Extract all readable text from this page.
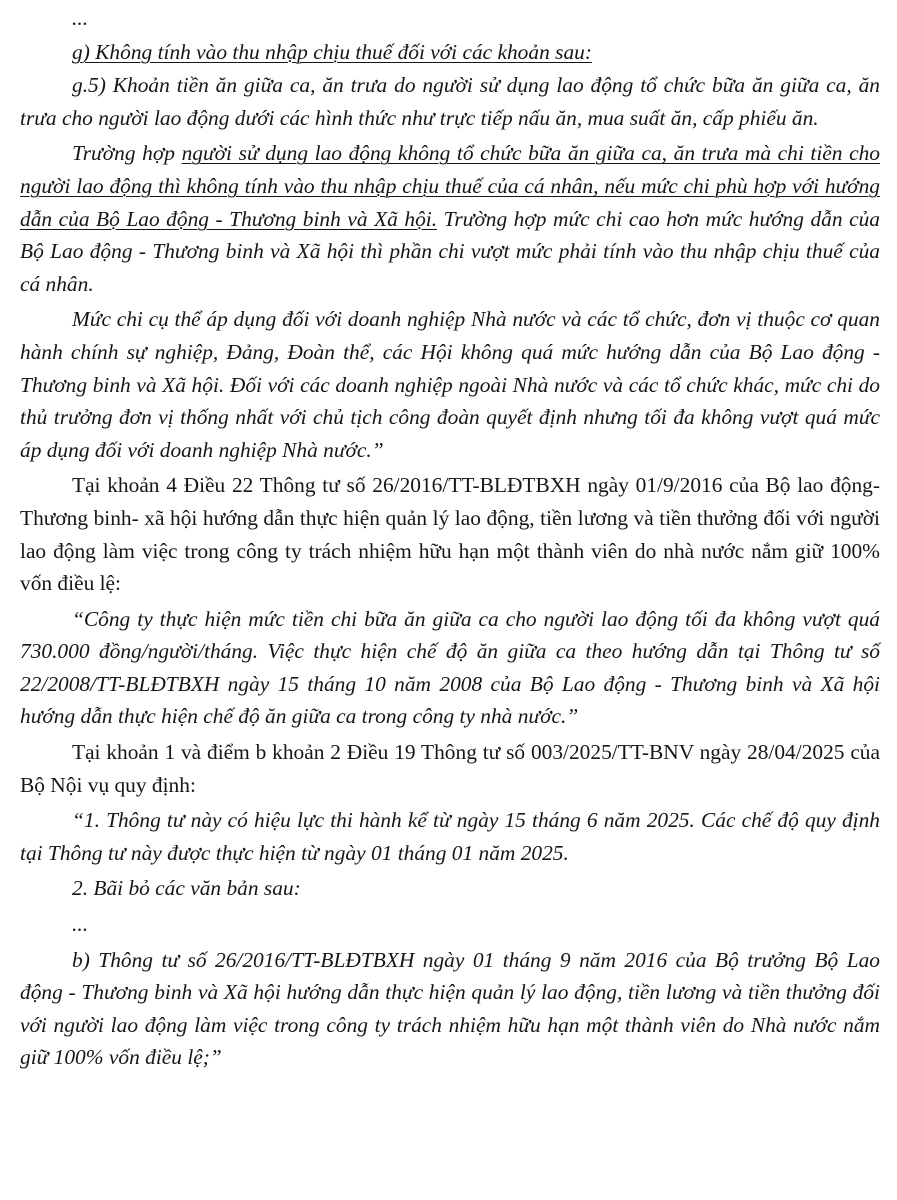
...

g) Không tính vào thu nhập chịu thuế đối với các khoản sau:

g.5) Khoản tiền ăn giữa ca, ăn trưa do người sử dụng lao động tổ chức bữa ăn giữa ca, ăn trưa cho người lao động dưới các hình thức như trực tiếp nấu ăn, mua suất ăn, cấp phiếu ăn.

Trường hợp người sử dụng lao động không tổ chức bữa ăn giữa ca, ăn trưa mà chi tiền cho người lao động thì không tính vào thu nhập chịu thuế của cá nhân, nếu mức chi phù hợp với hướng dẫn của Bộ Lao động - Thương binh và Xã hội. Trường hợp mức chi cao hơn mức hướng dẫn của Bộ Lao động - Thương binh và Xã hội thì phần chi vượt mức phải tính vào thu nhập chịu thuế của cá nhân.

Mức chi cụ thể áp dụng đối với doanh nghiệp Nhà nước và các tổ chức, đơn vị thuộc cơ quan hành chính sự nghiệp, Đảng, Đoàn thể, các Hội không quá mức hướng dẫn của Bộ Lao động - Thương binh và Xã hội. Đối với các doanh nghiệp ngoài Nhà nước và các tổ chức khác, mức chi do thủ trưởng đơn vị thống nhất với chủ tịch công đoàn quyết định nhưng tối đa không vượt quá mức áp dụng đối với doanh nghiệp Nhà nước.”

Tại khoản 4 Điều 22 Thông tư số 26/2016/TT-BLĐTBXH ngày 01/9/2016 của Bộ lao động- Thương binh- xã hội hướng dẫn thực hiện quản lý lao động, tiền lương và tiền thưởng đối với người lao động làm việc trong công ty trách nhiệm hữu hạn một thành viên do nhà nước nắm giữ 100% vốn điều lệ:

“Công ty thực hiện mức tiền chi bữa ăn giữa ca cho người lao động tối đa không vượt quá 730.000 đồng/người/tháng. Việc thực hiện chế độ ăn giữa ca theo hướng dẫn tại Thông tư số 22/2008/TT-BLĐTBXH ngày 15 tháng 10 năm 2008 của Bộ Lao động - Thương binh và Xã hội hướng dẫn thực hiện chế độ ăn giữa ca trong công ty nhà nước.”

Tại khoản 1 và điểm b khoản 2 Điều 19 Thông tư số 003/2025/TT-BNV ngày 28/04/2025 của Bộ Nội vụ quy định:

“1. Thông tư này có hiệu lực thi hành kể từ ngày 15 tháng 6 năm 2025. Các chế độ quy định tại Thông tư này được thực hiện từ ngày 01 tháng 01 năm 2025.

2. Bãi bỏ các văn bản sau:

...

b) Thông tư số 26/2016/TT-BLĐTBXH ngày 01 tháng 9 năm 2016 của Bộ trưởng Bộ Lao động - Thương binh và Xã hội hướng dẫn thực hiện quản lý lao động, tiền lương và tiền thưởng đối với người lao động làm việc trong công ty trách nhiệm hữu hạn một thành viên do Nhà nước nắm giữ 100% vốn điều lệ;”
